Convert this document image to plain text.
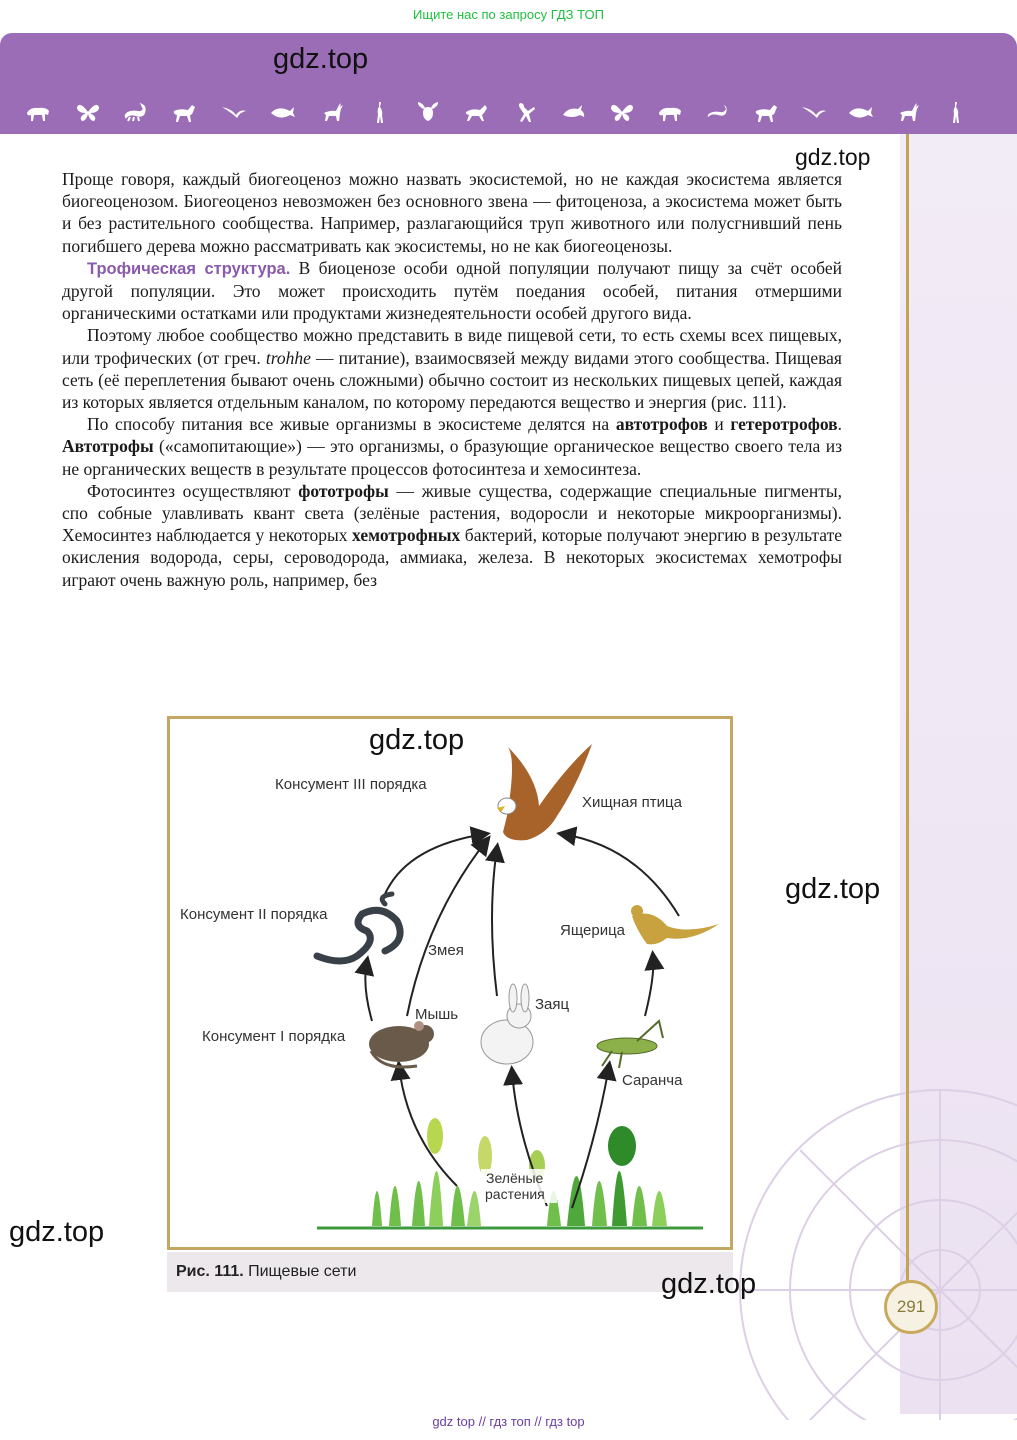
Ищите нас по запросу ГДЗ ТОП
gdz.top
gdz.top

Проще говоря, каждый биогеоценоз можно назвать экосистемой, но не каждая экосистема является биогеоценозом. Биогеоценоз невозможен без основного звена — фитоценоза, а экосистема может быть и без растительного сообщества. Например, разлагающийся труп животного или полусгнивший пень погибшего дерева можно рассматривать как экосистемы, но не как биогеоценозы.

Трофическая структура. В биоценозе особи одной популяции получают пищу за счёт особей другой популяции. Это может происходить путём поедания особей, питания отмершими органическими остатками или продуктами жизнедеятельности особей другого вида.

Поэтому любое сообщество можно представить в виде пищевой сети, то есть схемы всех пищевых, или трофических (от греч. trohhe — питание), взаимосвязей между видами этого сообщества. Пищевая сеть (её переплетения бывают очень сложными) обычно состоит из нескольких пищевых цепей, каждая из которых является отдельным каналом, по которому передаются вещество и энергия (рис. 111).

По способу питания все живые организмы в экосистеме делятся на автотрофов и гетеротрофов. Автотрофы («самопитающие») — это организмы, о бразующие органическое вещество своего тела из не органических веществ в результате процессов фотосинтеза и хемосинтеза.

Фотосинтез осуществляют фототрофы — живые существа, содержащие специальные пигменты, спо собные улавливать квант света (зелёные растения, водоросли и некоторые микроорганизмы). Хемосинтез наблюдается у некоторых хемотрофных бактерий, которые получают энергию в результате окисления водорода, серы, сероводорода, аммиака, железа. В некоторых экосистемах хемотрофы играют очень важную роль, например, без

gdz.top
Консумент III порядка
Хищная птица
Консумент II порядка
Змея
Ящерица
Заяц
Мышь
Консумент I порядка
Саранча
Зелёные
растения
Рис. 111. Пищевые сети
gdz.top
gdz.top
gdz.top
291
gdz top // гдз топ // гдз top
